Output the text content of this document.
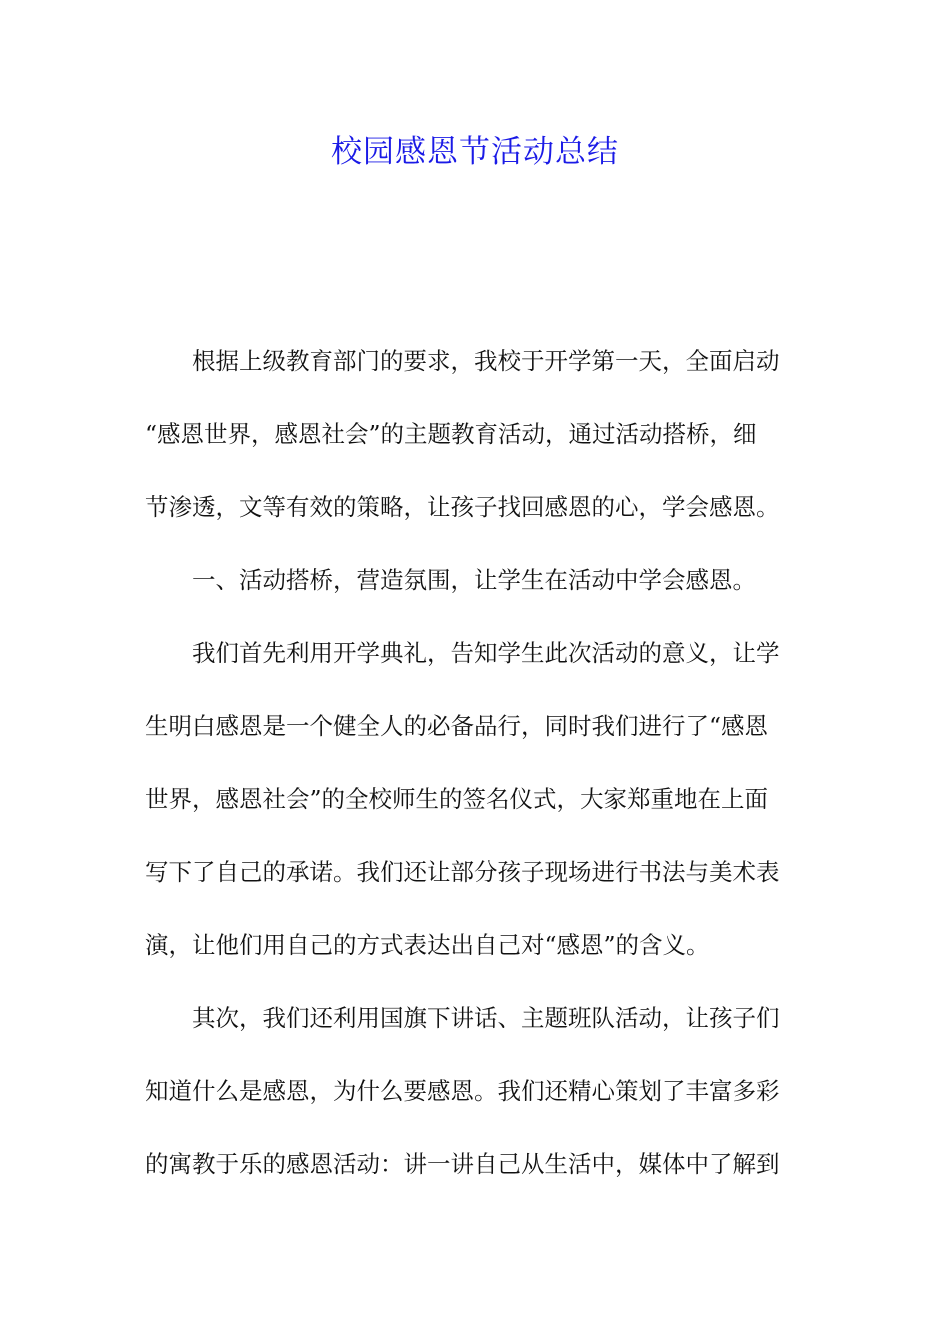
校园感恩节活动总结
　　根据上级教育部门的要求，我校于开学第一天，全面启动
“感恩世界，感恩社会”的主题教育活动，通过活动搭桥，细
节渗透，文等有效的策略，让孩子找回感恩的心，学会感恩。
　　一、活动搭桥，营造氛围，让学生在活动中学会感恩。
　　我们首先利用开学典礼，告知学生此次活动的意义，让学
生明白感恩是一个健全人的必备品行，同时我们进行了“感恩
世界，感恩社会”的全校师生的签名仪式，大家郑重地在上面
写下了自己的承诺。我们还让部分孩子现场进行书法与美术表
演，让他们用自己的方式表达出自己对“感恩”的含义。
　　其次，我们还利用国旗下讲话、主题班队活动，让孩子们
知道什么是感恩，为什么要感恩。我们还精心策划了丰富多彩
的寓教于乐的感恩活动：讲一讲自己从生活中，媒体中了解到
